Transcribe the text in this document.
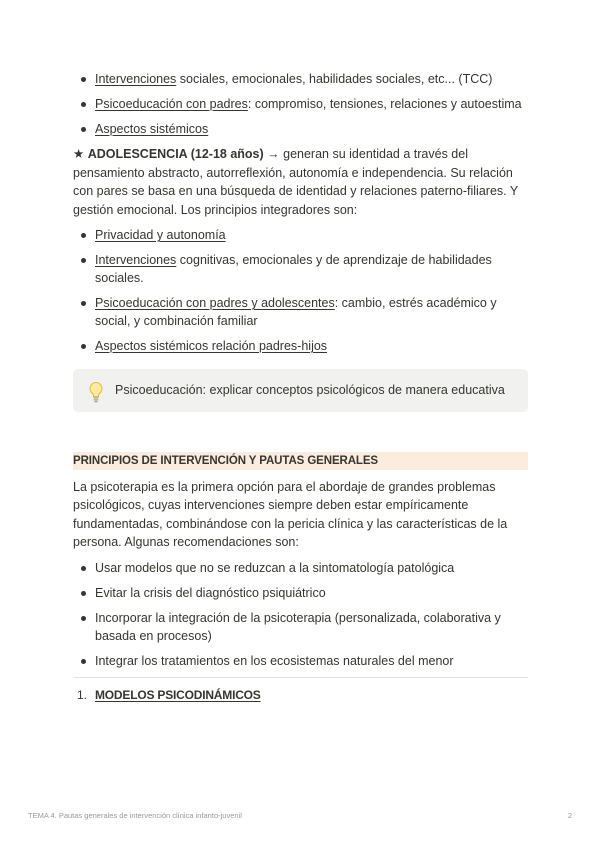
Intervenciones sociales, emocionales, habilidades sociales, etc... (TCC)
Psicoeducación con padres: compromiso, tensiones, relaciones y autoestima
Aspectos sistémicos

★ ADOLESCENCIA (12-18 años) → generan su identidad a través del pensamiento abstracto, autorreflexión, autonomía e independencia. Su relación con pares se basa en una búsqueda de identidad y relaciones paterno-filiares. Y gestión emocional. Los principios integradores son:

Privacidad y autonomía
Intervenciones cognitivas, emocionales y de aprendizaje de habilidades sociales.
Psicoeducación con padres y adolescentes: cambio, estrés académico y social, y combinación familiar
Aspectos sistémicos relación padres-hijos
Psicoeducación: explicar conceptos psicológicos de manera educativa
PRINCIPIOS DE INTERVENCIÓN Y PAUTAS GENERALES

La psicoterapia es la primera opción para el abordaje de grandes problemas psicológicos, cuyas intervenciones siempre deben estar empíricamente fundamentadas, combinándose con la pericia clínica y las características de la persona. Algunas recomendaciones son:

Usar modelos que no se reduzcan a la sintomatología patológica
Evitar la crisis del diagnóstico psiquiátrico
Incorporar la integración de la psicoterapia (personalizada, colaborativa y basada en procesos)
Integrar los tratamientos en los ecosistemas naturales del menor
1. MODELOS PSICODINÁMICOS
TEMA 4. Pautas generales de intervención clínica infanto-juvenil	2
